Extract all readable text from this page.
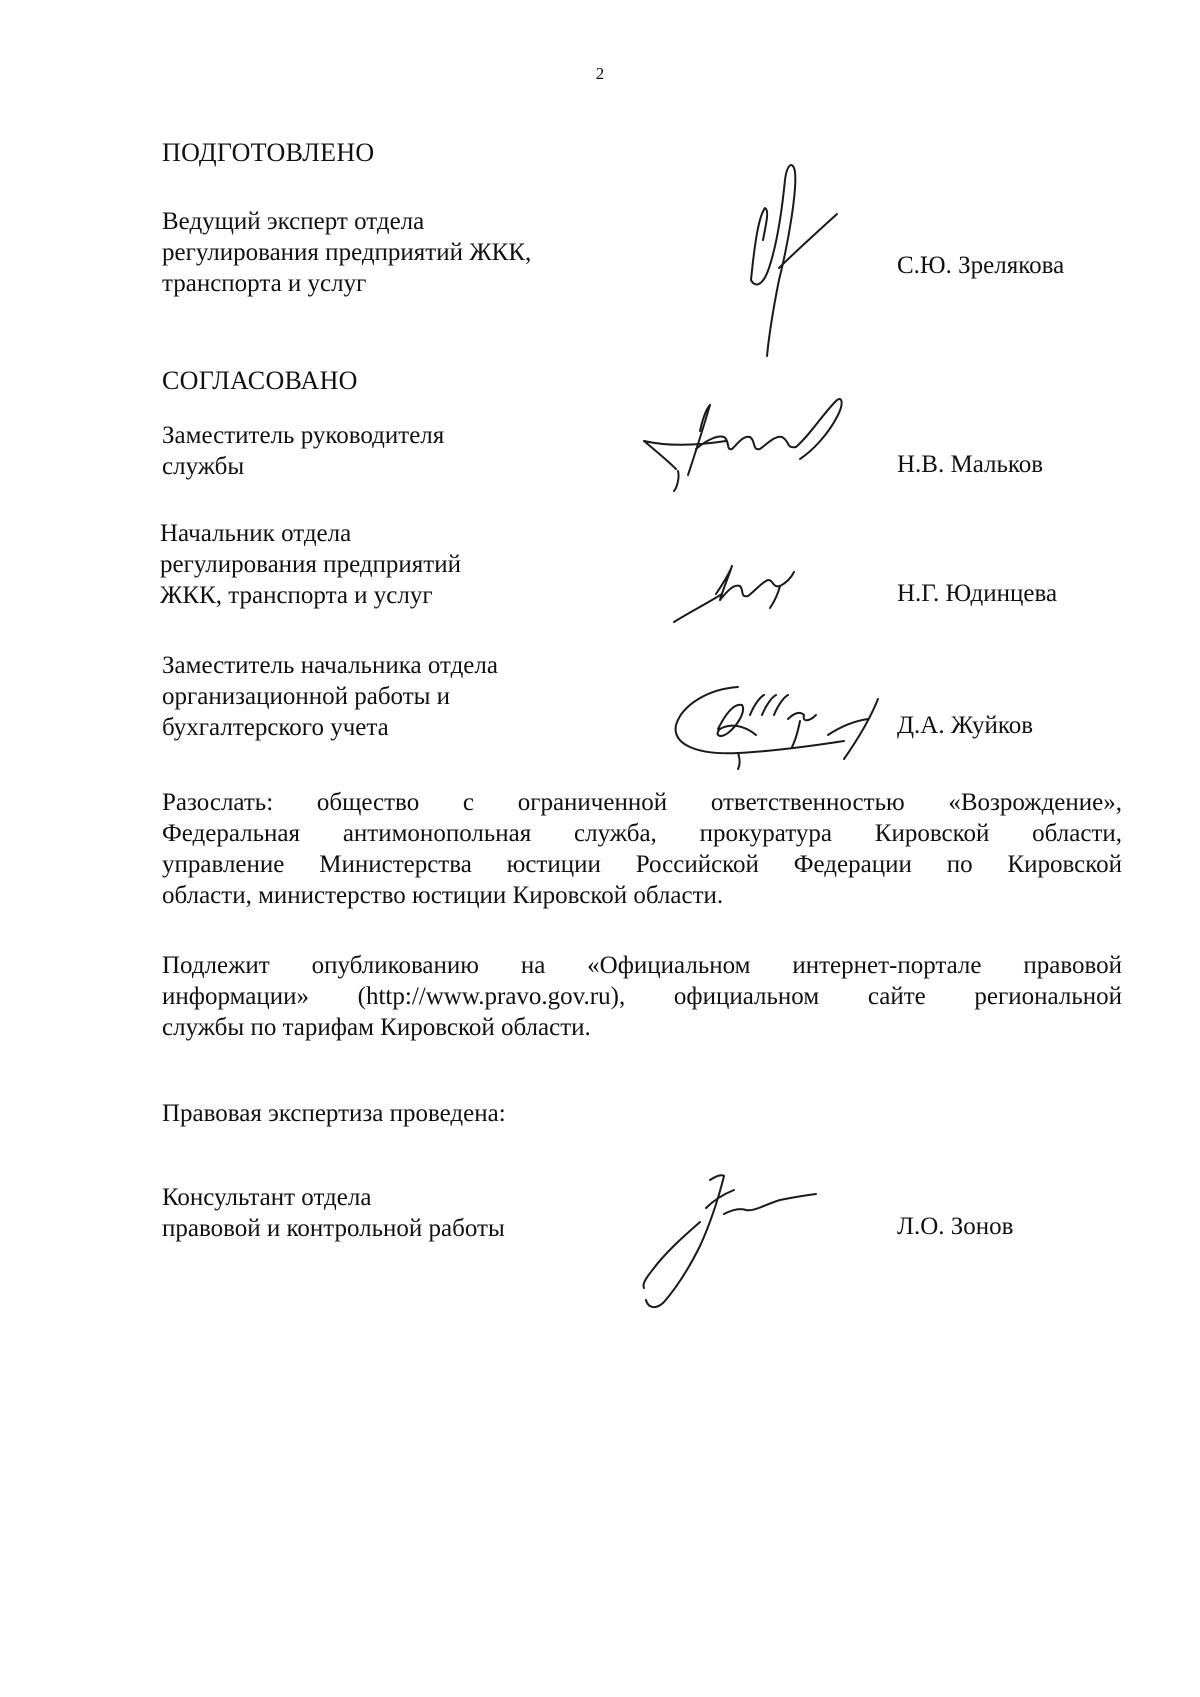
2
ПОДГОТОВЛЕНО
Ведущий эксперт отдела
регулирования предприятий ЖКК,
транспорта и услуг
С.Ю. Зрелякова
СОГЛАСОВАНО
Заместитель руководителя
службы	Н.В. Мальков
Начальник отдела
регулирования предприятий
ЖКК, транспорта и услуг	Н.Г. Юдинцева
Заместитель начальника отдела
организационной работы и
бухгалтерского учета	Д.А. Жуйков
Разослать: общество с ограниченной ответственностью «Возрождение»,
Федеральная антимонопольная служба, прокуратура Кировской области,
управление Министерства юстиции Российской Федерации по Кировской
области, министерство юстиции Кировской области.
Подлежит опубликованию на «Официальном интернет-портале правовой
информации» (http://www.pravo.gov.ru), официальном сайте региональной
службы по тарифам Кировской области.
Правовая экспертиза проведена:
Консультант отдела
правовой и контрольной работы	Л.О. Зонов
